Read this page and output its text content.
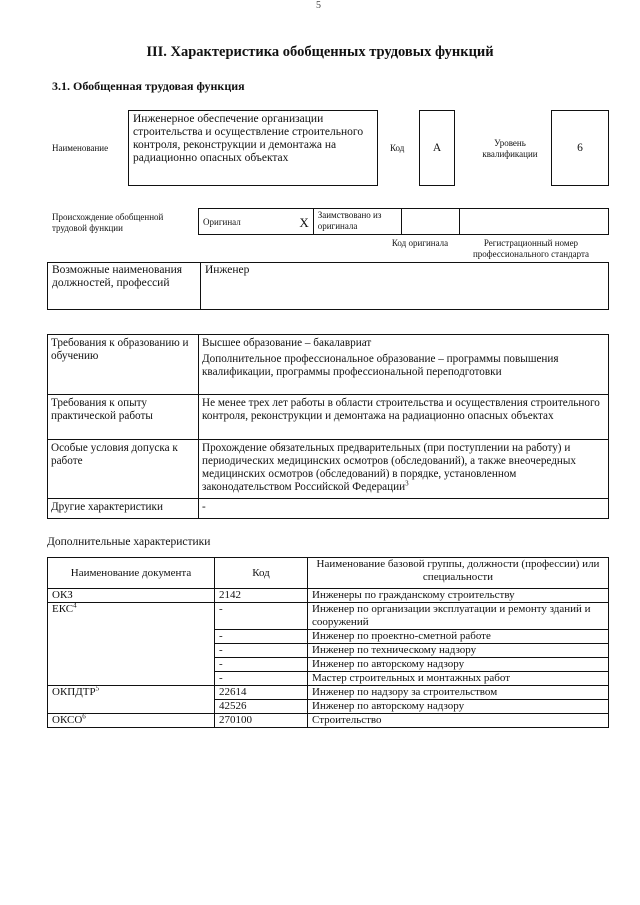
5
III. Характеристика обобщенных трудовых функций
3.1. Обобщенная трудовая функция
Наименование
Инженерное обеспечение организации строительства и осуществление строительного контроля, реконструкции и демонтажа на радиационно опасных объектах
Код	А	Уровень квалификации	6
Происхождение обобщенной трудовой функции
Оригинал	X	Заимствовано из оригинала		
Код оригинала	Регистрационный номер профессионального стандарта
Возможные наименования должностей, профессий	Инженер
Требования к образованию и обучению	Высшее образование – бакалавриат
Дополнительное профессиональное образование – программы повышения квалификации, программы профессиональной переподготовки

Требования к опыту практической работы	Не менее трех лет работы в области строительства и осуществления строительного контроля, реконструкции и демонтажа на радиационно опасных объектах
Особые условия допуска к работе	Прохождение обязательных предварительных (при поступлении на работу) и периодических медицинских осмотров (обследований), а также внеочередных медицинских осмотров (обследований) в порядке, установленном законодательством Российской Федерации$^3$
Другие характеристики	-
Дополнительные характеристики
Наименование документа	Код	Наименование базовой группы, должности (профессии) или специальности
ОКЗ	2142	Инженеры по гражданскому строительству
ЕКС$^4$	-	Инженер по организации эксплуатации и ремонту зданий и сооружений
	-	Инженер по проектно-сметной работе
	-	Инженер по техническому надзору
	-	Инженер по авторскому надзору
	-	Мастер строительных и монтажных работ
ОКПДТР$^5$	22614	Инженер по надзору за строительством
	42526	Инженер по авторскому надзору
ОКСО$^6$	270100	Строительство
